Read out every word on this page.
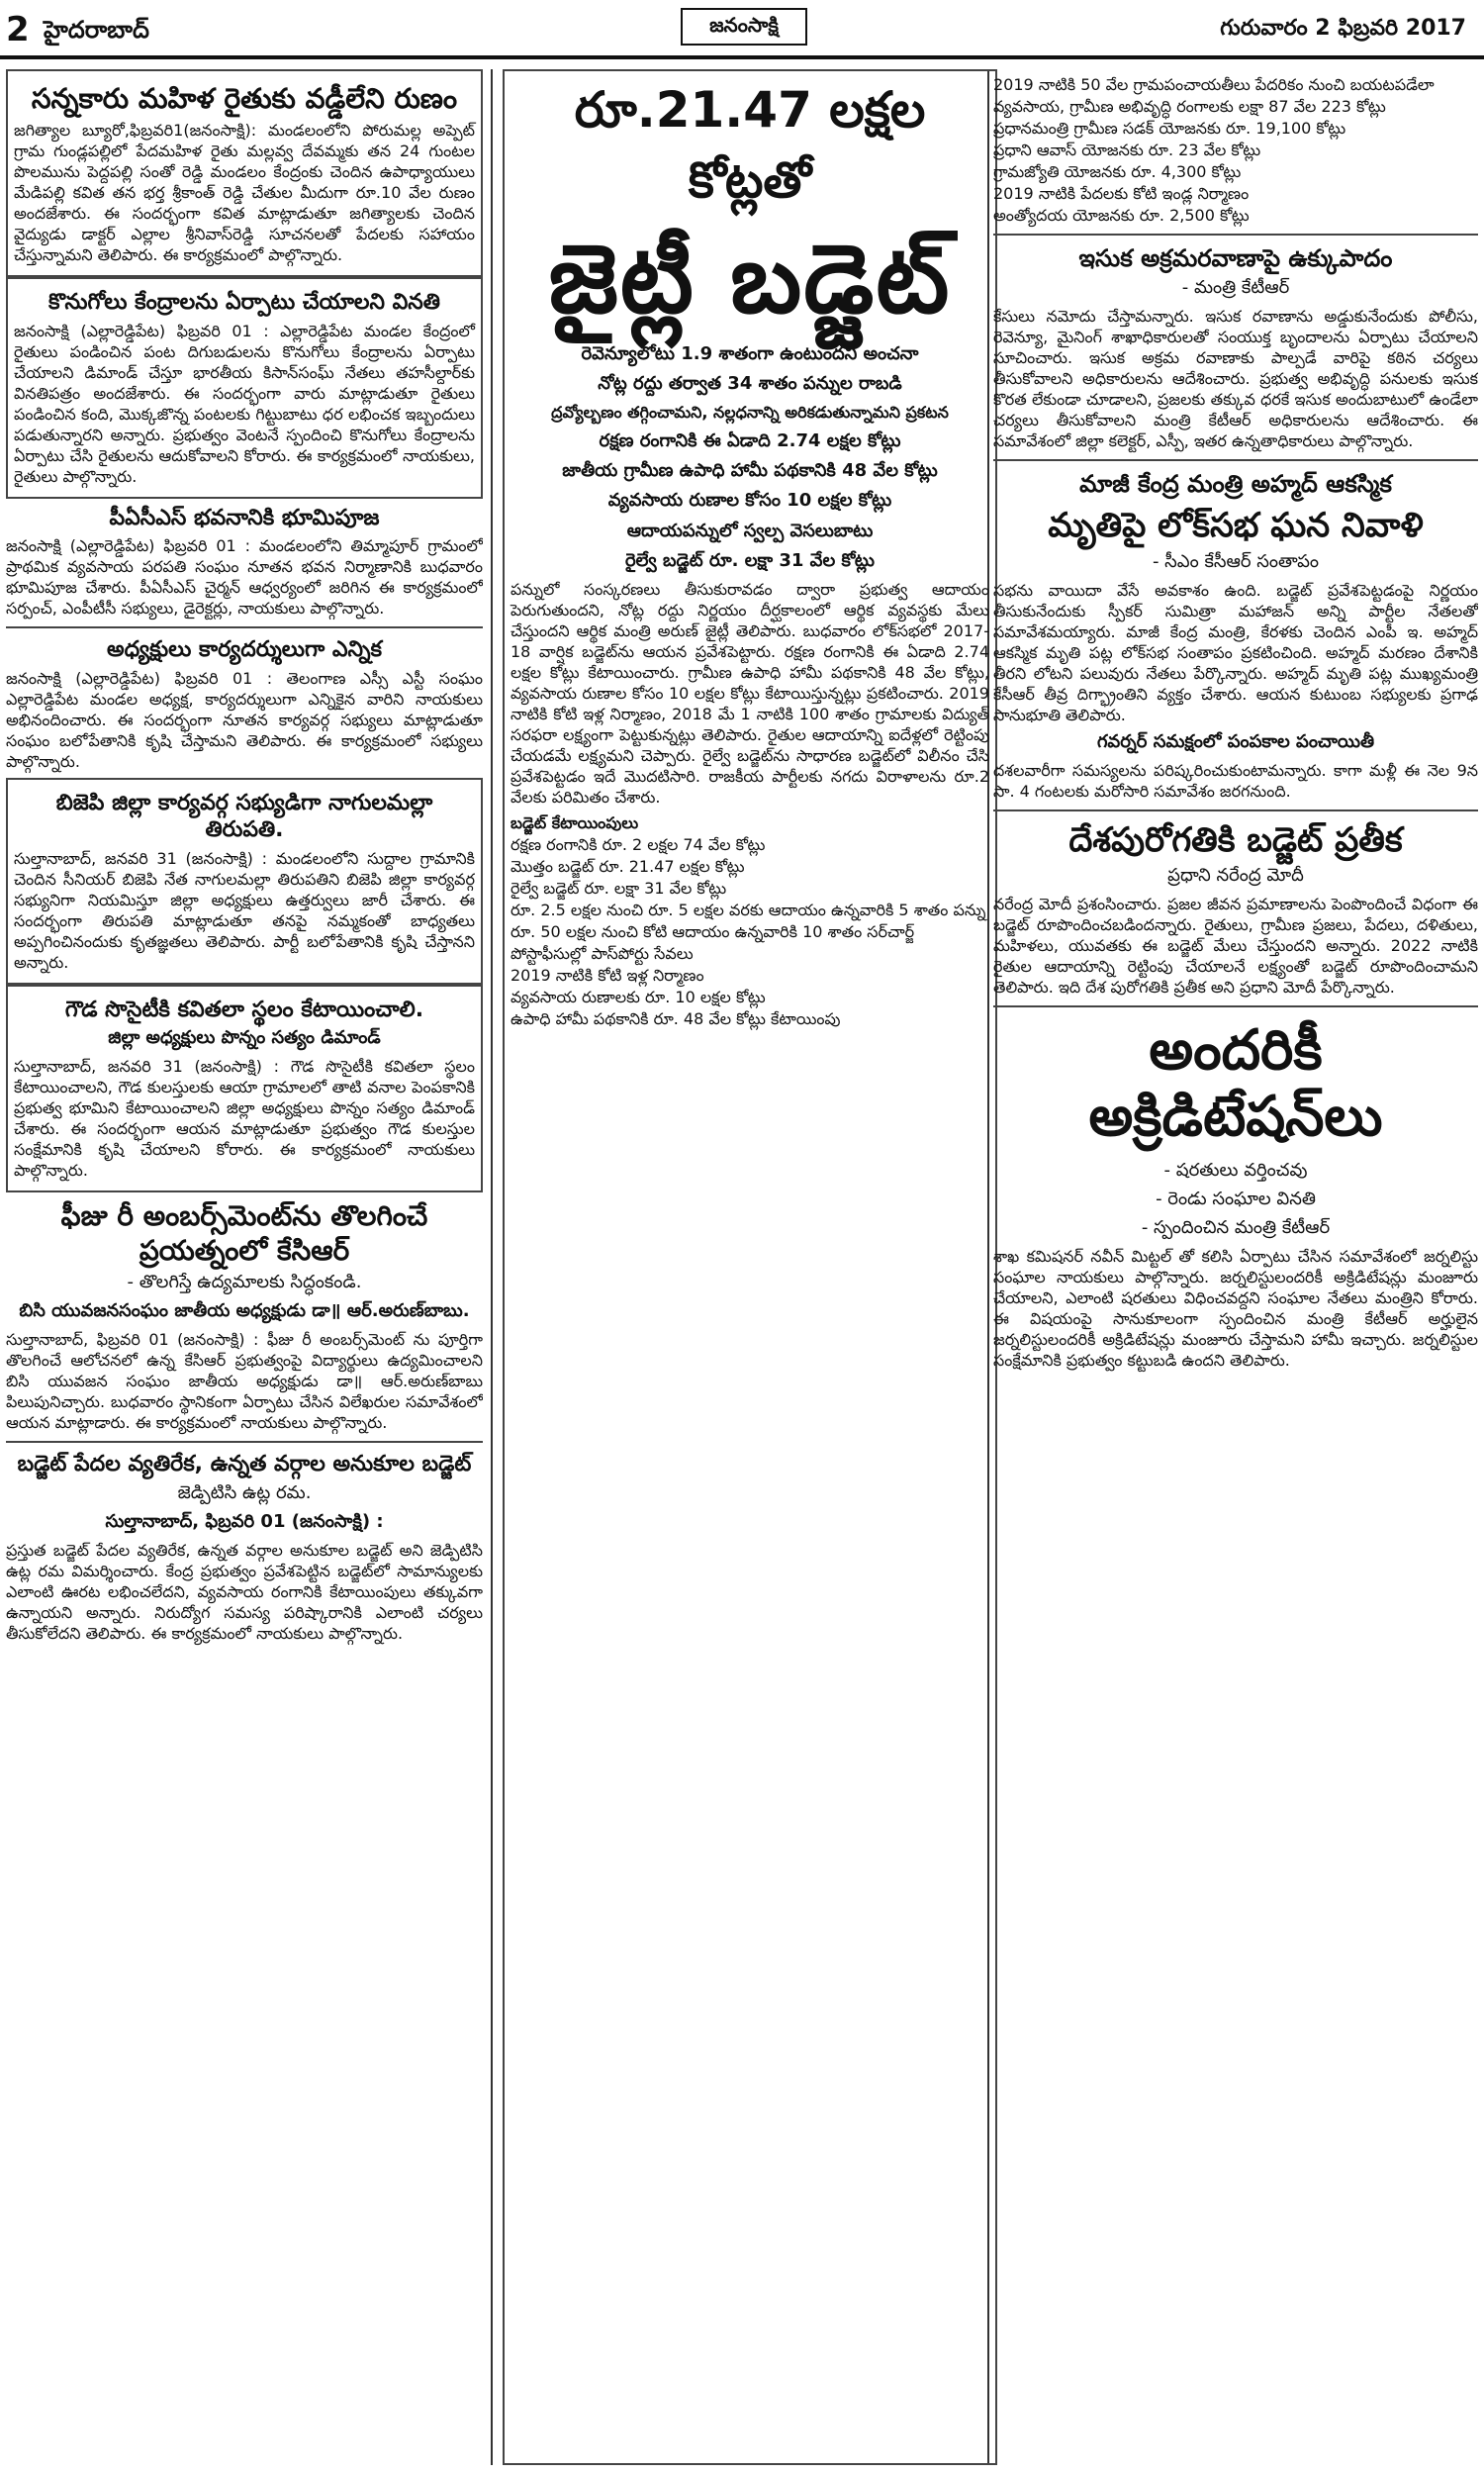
2 హైదరాబాద్	జనంసాక్షి	గురువారం 2 ఫిబ్రవరి 2017
సన్నకారు మహిళ రైతుకు వడ్డీలేని రుణం

జగిత్యాల బ్యూరో,ఫిబ్రవరి1(జనంసాక్షి): మండలంలోని పోరుమల్ల అప్పెట్ గ్రామ గుండ్లపల్లిలో పేదమహిళ రైతు మల్లవ్వ దేవమ్మకు తన 24 గుంటల పొలమును పెద్దపల్లి సంతో రెడ్డి మండలం కేంద్రంకు చెందిన ఉపాధ్యాయులు మేడిపల్లి కవిత తన భర్త శ్రీకాంత్ రెడ్డి చేతుల మీదుగా రూ.10 వేల రుణం అందజేశారు. ఈ సందర్భంగా కవిత మాట్లాడుతూ జగిత్యాలకు చెందిన వైద్యుడు డాక్టర్ ఎల్లాల శ్రీనివాస్‌రెడ్డి సూచనలతో పేదలకు సహాయం చేస్తున్నామని తెలిపారు. ఈ కార్యక్రమంలో పాల్గొన్నారు.

కొనుగోలు కేంద్రాలను ఏర్పాటు చేయాలని వినతి

జనంసాక్షి (ఎల్లారెడ్డిపేట) ఫిబ్రవరి 01 : ఎల్లారెడ్డిపేట మండల కేంద్రంలో రైతులు పండించిన పంట దిగుబడులను కొనుగోలు కేంద్రాలను ఏర్పాటు చేయాలని డిమాండ్ చేస్తూ భారతీయ కిసాన్‌సంఘ్ నేతలు తహసీల్దార్‌కు వినతిపత్రం అందజేశారు. ఈ సందర్భంగా వారు మాట్లాడుతూ రైతులు పండించిన కంది, మొక్కజొన్న పంటలకు గిట్టుబాటు ధర లభించక ఇబ్బందులు పడుతున్నారని అన్నారు. ప్రభుత్వం వెంటనే స్పందించి కొనుగోలు కేంద్రాలను ఏర్పాటు చేసి రైతులను ఆదుకోవాలని కోరారు. ఈ కార్యక్రమంలో నాయకులు, రైతులు పాల్గొన్నారు.

పీఏసీఎస్ భవనానికి భూమిపూజ

జనంసాక్షి (ఎల్లారెడ్డిపేట) ఫిబ్రవరి 01 : మండలంలోని తిమ్మాపూర్ గ్రామంలో ప్రాథమిక వ్యవసాయ పరపతి సంఘం నూతన భవన నిర్మాణానికి బుధవారం భూమిపూజ చేశారు. పీఏసీఎస్ చైర్మన్ ఆధ్వర్యంలో జరిగిన ఈ కార్యక్రమంలో సర్పంచ్, ఎంపీటీసీ సభ్యులు, డైరెక్టర్లు, నాయకులు పాల్గొన్నారు.

అధ్యక్షులు కార్యదర్శులుగా ఎన్నిక

జనంసాక్షి (ఎల్లారెడ్డిపేట) ఫిబ్రవరి 01 : తెలంగాణ ఎస్సీ ఎస్టీ సంఘం ఎల్లారెడ్డిపేట మండల అధ్యక్ష, కార్యదర్శులుగా ఎన్నికైన వారిని నాయకులు అభినందించారు. ఈ సందర్భంగా నూతన కార్యవర్గ సభ్యులు మాట్లాడుతూ సంఘం బలోపేతానికి కృషి చేస్తామని తెలిపారు. ఈ కార్యక్రమంలో సభ్యులు పాల్గొన్నారు.

బిజెపి జిల్లా కార్యవర్గ సభ్యుడిగా నాగులమల్లా తిరుపతి.

సుల్తానాబాద్, జనవరి 31 (జనంసాక్షి) : మండలంలోని సుద్దాల గ్రామానికి చెందిన సీనియర్ బిజెపి నేత నాగులమల్లా తిరుపతిని బిజెపి జిల్లా కార్యవర్గ సభ్యునిగా నియమిస్తూ జిల్లా అధ్యక్షులు ఉత్తర్వులు జారీ చేశారు. ఈ సందర్భంగా తిరుపతి మాట్లాడుతూ తనపై నమ్మకంతో బాధ్యతలు అప్పగించినందుకు కృతజ్ఞతలు తెలిపారు. పార్టీ బలోపేతానికి కృషి చేస్తానని అన్నారు.

గౌడ సొసైటీకి కవితలా స్థలం కేటాయించాలి.
జిల్లా అధ్యక్షులు పొన్నం సత్యం డిమాండ్

సుల్తానాబాద్, జనవరి 31 (జనంసాక్షి) : గౌడ సొసైటీకి కవితలా స్థలం కేటాయించాలని, గౌడ కులస్తులకు ఆయా గ్రామాలలో తాటి వనాల పెంపకానికి ప్రభుత్వ భూమిని కేటాయించాలని జిల్లా అధ్యక్షులు పొన్నం సత్యం డిమాండ్ చేశారు. ఈ సందర్భంగా ఆయన మాట్లాడుతూ ప్రభుత్వం గౌడ కులస్తుల సంక్షేమానికి కృషి చేయాలని కోరారు. ఈ కార్యక్రమంలో నాయకులు పాల్గొన్నారు.

ఫీజు రీ అంబర్స్‌మెంట్‌ను తొలగించే ప్రయత్నంలో కేసిఆర్
- తొలగిస్తే ఉద్యమాలకు సిద్ధంకండి.
బిసి యువజనసంఘం జాతీయ అధ్యక్షుడు డా॥ ఆర్.అరుణ్‌బాబు.

సుల్తానాబాద్, ఫిబ్రవరి 01 (జనంసాక్షి) : ఫీజు రీ అంబర్స్‌మెంట్ ను పూర్తిగా తొలగించే ఆలోచనలో ఉన్న కేసిఆర్ ప్రభుత్వంపై విద్యార్థులు ఉద్యమించాలని బిసి యువజన సంఘం జాతీయ అధ్యక్షుడు డా॥ ఆర్.అరుణ్‌బాబు పిలుపునిచ్చారు. బుధవారం స్థానికంగా ఏర్పాటు చేసిన విలేఖరుల సమావేశంలో ఆయన మాట్లాడారు. ఈ కార్యక్రమంలో నాయకులు పాల్గొన్నారు.

బడ్జెట్ పేదల వ్యతిరేక, ఉన్నత వర్గాల అనుకూల బడ్జెట్
జెడ్పిటిసి ఉట్ల రమ.
సుల్తానాబాద్, ఫిబ్రవరి 01 (జనంసాక్షి) :

ప్రస్తుత బడ్జెట్ పేదల వ్యతిరేక, ఉన్నత వర్గాల అనుకూల బడ్జెట్ అని జెడ్పిటిసి ఉట్ల రమ విమర్శించారు. కేంద్ర ప్రభుత్వం ప్రవేశపెట్టిన బడ్జెట్‌లో సామాన్యులకు ఎలాంటి ఊరట లభించలేదని, వ్యవసాయ రంగానికి కేటాయింపులు తక్కువగా ఉన్నాయని అన్నారు. నిరుద్యోగ సమస్య పరిష్కారానికి ఎలాంటి చర్యలు తీసుకోలేదని తెలిపారు. ఈ కార్యక్రమంలో నాయకులు పాల్గొన్నారు.

రూ.21.47 లక్షల కోట్లతో
జైట్లీ బడ్జెట్
రెవెన్యూలోటు 1.9 శాతంగా ఉంటుందని అంచనా
నోట్ల రద్దు తర్వాత 34 శాతం పన్నుల రాబడి
ద్రవ్యోల్బణం తగ్గించామని, నల్లధనాన్ని అరికడుతున్నామని ప్రకటన
రక్షణ రంగానికి ఈ ఏడాది 2.74 లక్షల కోట్లు
జాతీయ గ్రామీణ ఉపాధి హామీ పథకానికి 48 వేల కోట్లు
వ్యవసాయ రుణాల కోసం 10 లక్షల కోట్లు
ఆదాయపన్నులో స్వల్ప వెసలుబాటు
రైల్వే బడ్జెట్ రూ. లక్షా 31 వేల కోట్లు

పన్నులో సంస్కరణలు తీసుకురావడం ద్వారా ప్రభుత్వ ఆదాయం పెరుగుతుందని, నోట్ల రద్దు నిర్ణయం దీర్ఘకాలంలో ఆర్థిక వ్యవస్థకు మేలు చేస్తుందని ఆర్థిక మంత్రి అరుణ్ జైట్లీ తెలిపారు. బుధవారం లోక్‌సభలో 2017-18 వార్షిక బడ్జెట్‌ను ఆయన ప్రవేశపెట్టారు. రక్షణ రంగానికి ఈ ఏడాది 2.74 లక్షల కోట్లు కేటాయించారు. గ్రామీణ ఉపాధి హామీ పథకానికి 48 వేల కోట్లు, వ్యవసాయ రుణాల కోసం 10 లక్షల కోట్లు కేటాయిస్తున్నట్లు ప్రకటించారు. 2019 నాటికి కోటి ఇళ్ల నిర్మాణం, 2018 మే 1 నాటికి 100 శాతం గ్రామాలకు విద్యుత్ సరఫరా లక్ష్యంగా పెట్టుకున్నట్లు తెలిపారు. రైతుల ఆదాయాన్ని ఐదేళ్లలో రెట్టింపు చేయడమే లక్ష్యమని చెప్పారు. రైల్వే బడ్జెట్‌ను సాధారణ బడ్జెట్‌లో విలీనం చేసి ప్రవేశపెట్టడం ఇదే మొదటిసారి. రాజకీయ పార్టీలకు నగదు విరాళాలను రూ.2 వేలకు పరిమితం చేశారు.

బడ్జెట్ కేటాయింపులు
రక్షణ రంగానికి రూ. 2 లక్షల 74 వేల కోట్లు
మొత్తం బడ్జెట్ రూ. 21.47 లక్షల కోట్లు
రైల్వే బడ్జెట్ రూ. లక్షా 31 వేల కోట్లు
రూ. 2.5 లక్షల నుంచి రూ. 5 లక్షల వరకు ఆదాయం ఉన్నవారికి 5 శాతం పన్ను
రూ. 50 లక్షల నుంచి కోటి ఆదాయం ఉన్నవారికి 10 శాతం సర్‌చార్జ్
పోస్టాఫీసుల్లో పాస్‌పోర్టు సేవలు
2019 నాటికి కోటి ఇళ్ల నిర్మాణం
వ్యవసాయ రుణాలకు రూ. 10 లక్షల కోట్లు
ఉపాధి హామీ పథకానికి రూ. 48 వేల కోట్లు కేటాయింపు
2019 నాటికి 50 వేల గ్రామపంచాయతీలు పేదరికం నుంచి బయటపడేలా
వ్యవసాయ, గ్రామీణ అభివృద్ధి రంగాలకు లక్షా 87 వేల 223 కోట్లు
ప్రధానమంత్రి గ్రామీణ సడక్ యోజనకు రూ. 19,100 కోట్లు
ప్రధాని ఆవాస్ యోజనకు రూ. 23 వేల కోట్లు
గ్రామజ్యోతి యోజనకు రూ. 4,300 కోట్లు
2019 నాటికి పేదలకు కోటి ఇండ్ల నిర్మాణం
అంత్యోదయ యోజనకు రూ. 2,500 కోట్లు
ఇసుక అక్రమరవాణాపై ఉక్కుపాదం
- మంత్రి కేటీఆర్

కేసులు నమోదు చేస్తామన్నారు. ఇసుక రవాణాను అడ్డుకునేందుకు పోలీసు, రెవెన్యూ, మైనింగ్ శాఖాధికారులతో సంయుక్త బృందాలను ఏర్పాటు చేయాలని సూచించారు. ఇసుక అక్రమ రవాణాకు పాల్పడే వారిపై కఠిన చర్యలు తీసుకోవాలని అధికారులను ఆదేశించారు. ప్రభుత్వ అభివృద్ధి పనులకు ఇసుక కొరత లేకుండా చూడాలని, ప్రజలకు తక్కువ ధరకే ఇసుక అందుబాటులో ఉండేలా చర్యలు తీసుకోవాలని మంత్రి కేటీఆర్ అధికారులను ఆదేశించారు. ఈ సమావేశంలో జిల్లా కలెక్టర్, ఎస్పీ, ఇతర ఉన్నతాధికారులు పాల్గొన్నారు.

మాజీ కేంద్ర మంత్రి అహ్మద్ ఆకస్మిక
మృతిపై లోక్‌సభ ఘన నివాళి
- సీఎం కేసీఆర్ సంతాపం

సభను వాయిదా వేసే అవకాశం ఉంది. బడ్జెట్ ప్రవేశపెట్టడంపై నిర్ణయం తీసుకునేందుకు స్పీకర్ సుమిత్రా మహాజన్ అన్ని పార్టీల నేతలతో సమావేశమయ్యారు. మాజీ కేంద్ర మంత్రి, కేరళకు చెందిన ఎంపీ ఇ. అహ్మద్ ఆకస్మిక మృతి పట్ల లోక్‌సభ సంతాపం ప్రకటించింది. అహ్మద్ మరణం దేశానికి తీరని లోటని పలువురు నేతలు పేర్కొన్నారు. అహ్మద్ మృతి పట్ల ముఖ్యమంత్రి కేసీఆర్ తీవ్ర దిగ్భ్రాంతిని వ్యక్తం చేశారు. ఆయన కుటుంబ సభ్యులకు ప్రగాఢ సానుభూతి తెలిపారు.

గవర్నర్ సమక్షంలో పంపకాల పంచాయితీ

దశలవారీగా సమస్యలను పరిష్కరించుకుంటామన్నారు. కాగా మళ్లీ ఈ నెల 9న సా. 4 గంటలకు మరోసారి సమావేశం జరగనుంది.

దేశపురోగతికి బడ్జెట్ ప్రతీక
ప్రధాని నరేంద్ర మోదీ

నరేంద్ర మోదీ ప్రశంసించారు. ప్రజల జీవన ప్రమాణాలను పెంపొందించే విధంగా ఈ బడ్జెట్ రూపొందించబడిందన్నారు. రైతులు, గ్రామీణ ప్రజలు, పేదలు, దళితులు, మహిళలు, యువతకు ఈ బడ్జెట్ మేలు చేస్తుందని అన్నారు. 2022 నాటికి రైతుల ఆదాయాన్ని రెట్టింపు చేయాలనే లక్ష్యంతో బడ్జెట్ రూపొందించామని తెలిపారు. ఇది దేశ పురోగతికి ప్రతీక అని ప్రధాని మోదీ పేర్కొన్నారు.

అందరికీ అక్రిడిటేషన్‌లు
- షరతులు వర్తించవు
- రెండు సంఘాల వినతి
- స్పందించిన మంత్రి కేటీఆర్

శాఖ కమిషనర్ నవీన్ మిట్టల్ తో కలిసి ఏర్పాటు చేసిన సమావేశంలో జర్నలిస్టు సంఘాల నాయకులు పాల్గొన్నారు. జర్నలిస్టులందరికీ అక్రిడిటేషన్లు మంజూరు చేయాలని, ఎలాంటి షరతులు విధించవద్దని సంఘాల నేతలు మంత్రిని కోరారు. ఈ విషయంపై సానుకూలంగా స్పందించిన మంత్రి కేటీఆర్ అర్హులైన జర్నలిస్టులందరికీ అక్రిడిటేషన్లు మంజూరు చేస్తామని హామీ ఇచ్చారు. జర్నలిస్టుల సంక్షేమానికి ప్రభుత్వం కట్టుబడి ఉందని తెలిపారు.
